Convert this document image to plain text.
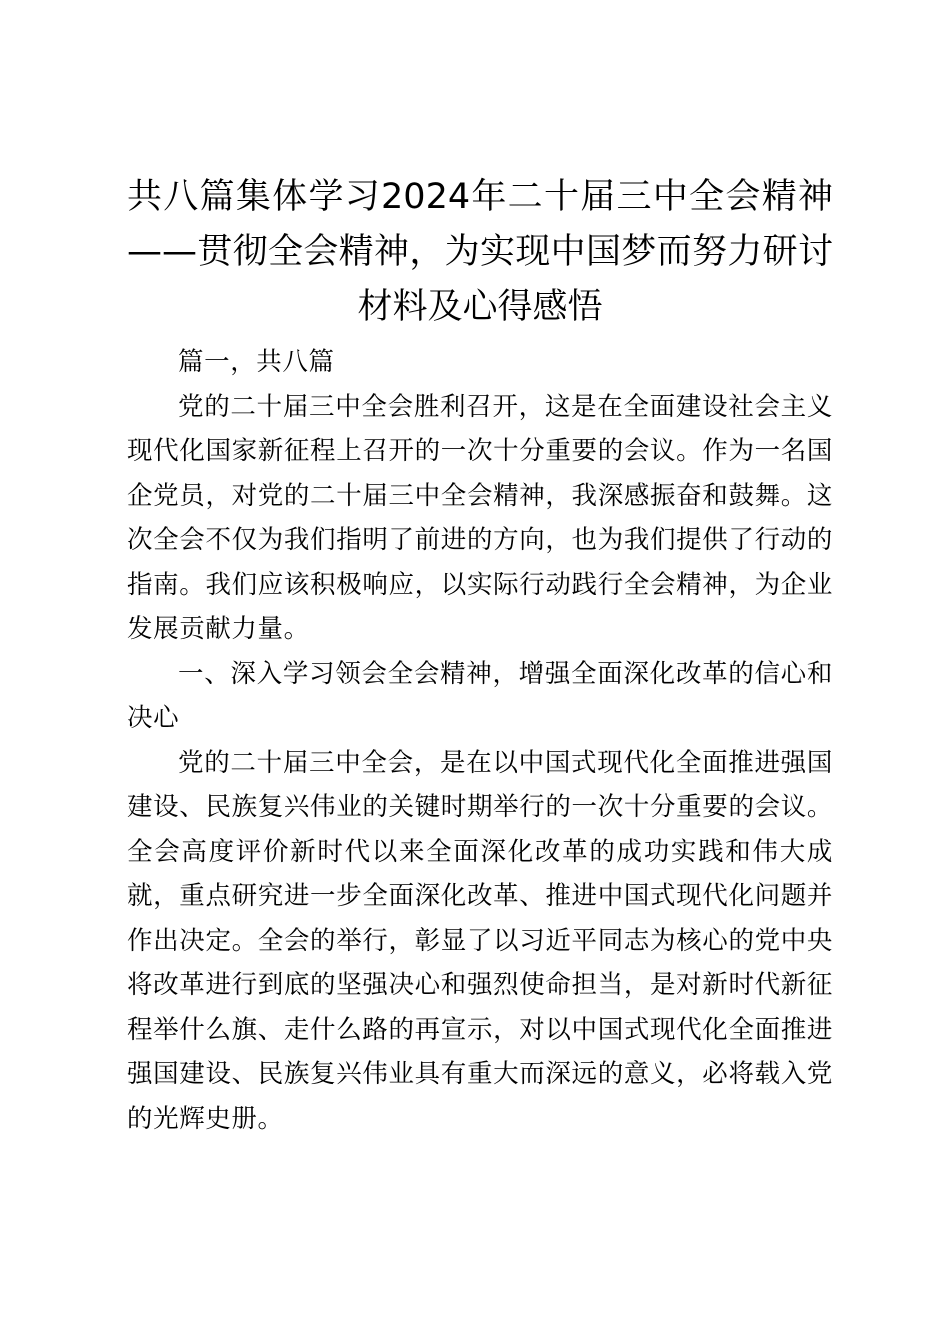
共八篇集体学习2024年二十届三中全会精神
——贯彻全会精神，为实现中国梦而努力研讨
材料及心得感悟

篇一，共八篇

党的二十届三中全会胜利召开，这是在全面建设社会主义现代化国家新征程上召开的一次十分重要的会议。作为一名国企党员，对党的二十届三中全会精神，我深感振奋和鼓舞。这次全会不仅为我们指明了前进的方向，也为我们提供了行动的指南。我们应该积极响应，以实际行动践行全会精神，为企业发展贡献力量。

一、深入学习领会全会精神，增强全面深化改革的信心和决心

党的二十届三中全会，是在以中国式现代化全面推进强国建设、民族复兴伟业的关键时期举行的一次十分重要的会议。全会高度评价新时代以来全面深化改革的成功实践和伟大成就，重点研究进一步全面深化改革、推进中国式现代化问题并作出决定。全会的举行，彰显了以习近平同志为核心的党中央将改革进行到底的坚强决心和强烈使命担当，是对新时代新征程举什么旗、走什么路的再宣示，对以中国式现代化全面推进强国建设、民族复兴伟业具有重大而深远的意义，必将载入党的光辉史册。
